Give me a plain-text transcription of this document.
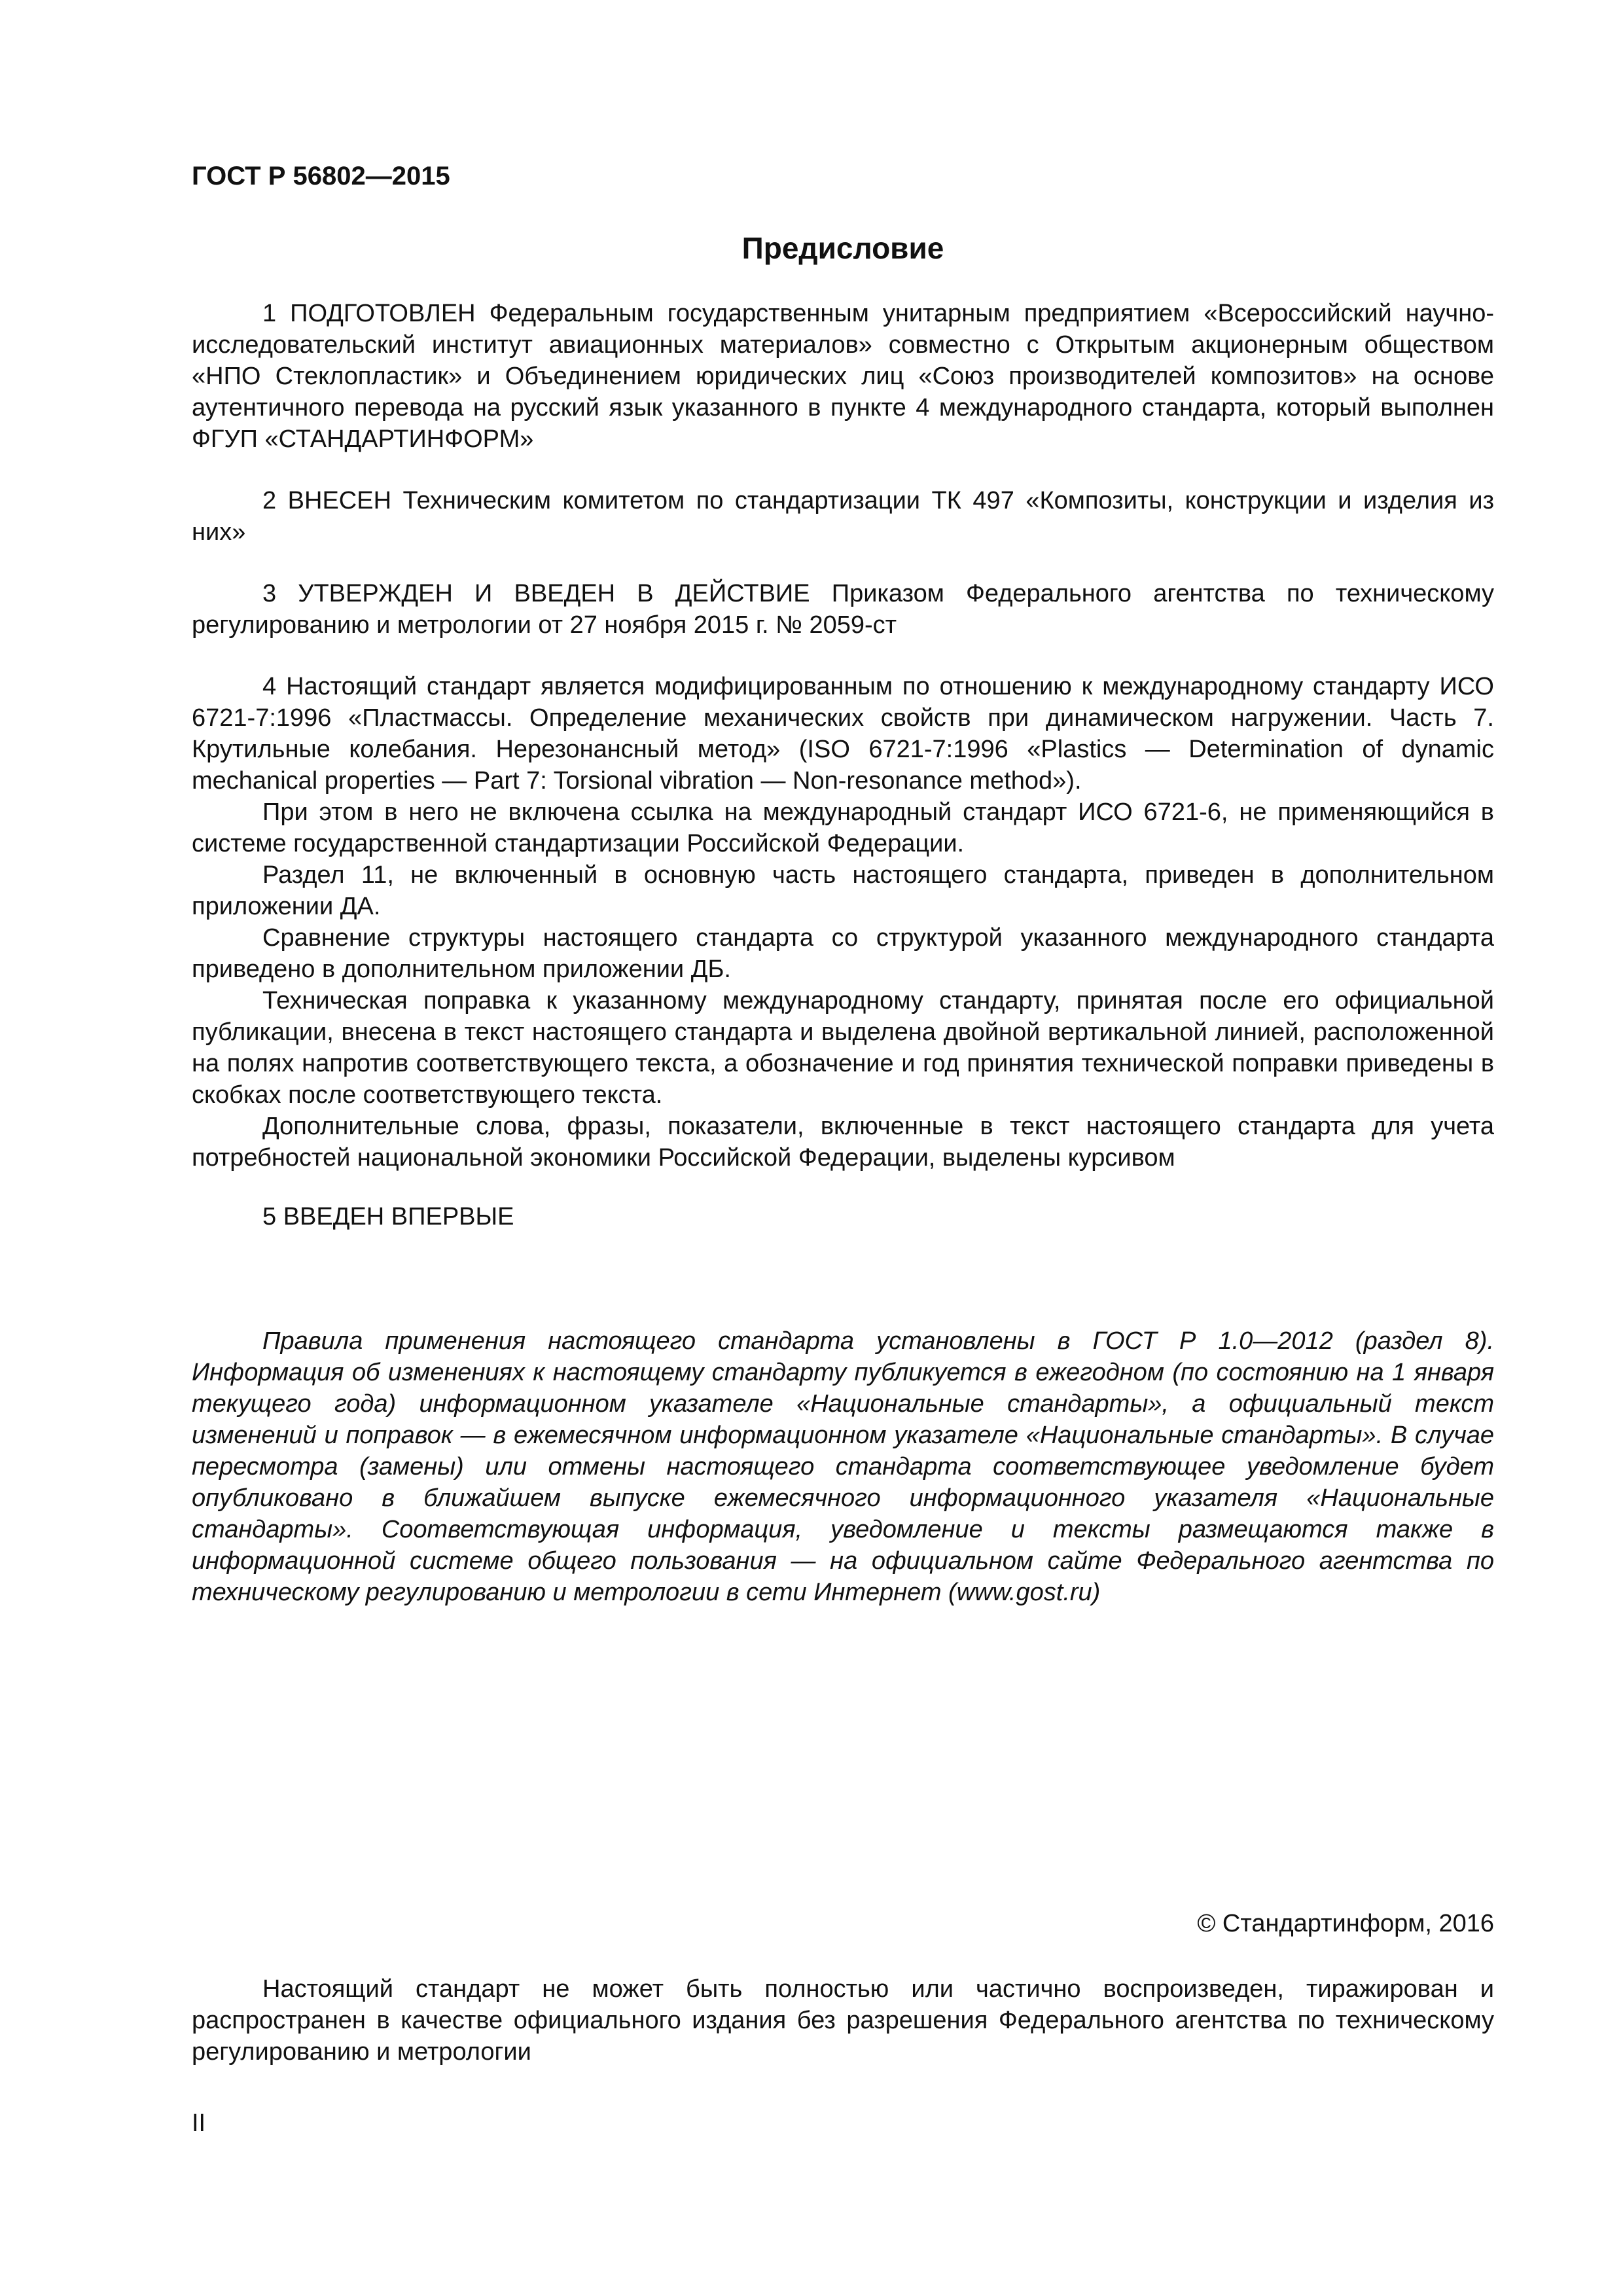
ГОСТ Р 56802—2015
Предисловие

1 ПОДГОТОВЛЕН Федеральным государственным унитарным предприятием «Всероссийский научно-исследовательский институт авиационных материалов» совместно с Открытым акционерным обществом «НПО Стеклопластик» и Объединением юридических лиц «Союз производителей композитов» на основе аутентичного перевода на русский язык указанного в пункте 4 международного стандарта, который выполнен ФГУП «СТАНДАРТИНФОРМ»

2 ВНЕСЕН Техническим комитетом по стандартизации ТК 497 «Композиты, конструкции и изделия из них»

3 УТВЕРЖДЕН И ВВЕДЕН В ДЕЙСТВИЕ Приказом Федерального агентства по техническому регулированию и метрологии от 27 ноября 2015 г. № 2059-ст

4 Настоящий стандарт является модифицированным по отношению к международному стандарту ИСО 6721-7:1996 «Пластмассы. Определение механических свойств при динамическом нагружении. Часть 7. Крутильные колебания. Нерезонансный метод» (ISO 6721-7:1996 «Plastics — Determination of dynamic mechanical properties — Part 7: Torsional vibration — Non-resonance method»).

При этом в него не включена ссылка на международный стандарт ИСО 6721-6, не применяющийся в системе государственной стандартизации Российской Федерации.

Раздел 11, не включенный в основную часть настоящего стандарта, приведен в дополнительном приложении ДА.

Сравнение структуры настоящего стандарта со структурой указанного международного стандарта приведено в дополнительном приложении ДБ.

Техническая поправка к указанному международному стандарту, принятая после его официальной публикации, внесена в текст настоящего стандарта и выделена двойной вертикальной линией, расположенной на полях напротив соответствующего текста, а обозначение и год принятия технической поправки приведены в скобках после соответствующего текста.

Дополнительные слова, фразы, показатели, включенные в текст настоящего стандарта для учета потребностей национальной экономики Российской Федерации, выделены курсивом

5 ВВЕДЕН ВПЕРВЫЕ

Правила применения настоящего стандарта установлены в ГОСТ Р 1.0—2012 (раздел 8). Информация об изменениях к настоящему стандарту публикуется в ежегодном (по состоянию на 1 января текущего года) информационном указателе «Национальные стандарты», а официальный текст изменений и поправок — в ежемесячном информационном указателе «Национальные стандарты». В случае пересмотра (замены) или отмены настоящего стандарта соответствующее уведомление будет опубликовано в ближайшем выпуске ежемесячного информационного указателя «Национальные стандарты». Соответствующая информация, уведомление и тексты размещаются также в информационной системе общего пользования — на официальном сайте Федерального агентства по техническому регулированию и метрологии в сети Интернет (www.gost.ru)

© Стандартинформ, 2016

Настоящий стандарт не может быть полностью или частично воспроизведен, тиражирован и распространен в качестве официального издания без разрешения Федерального агентства по техническому регулированию и метрологии

II
